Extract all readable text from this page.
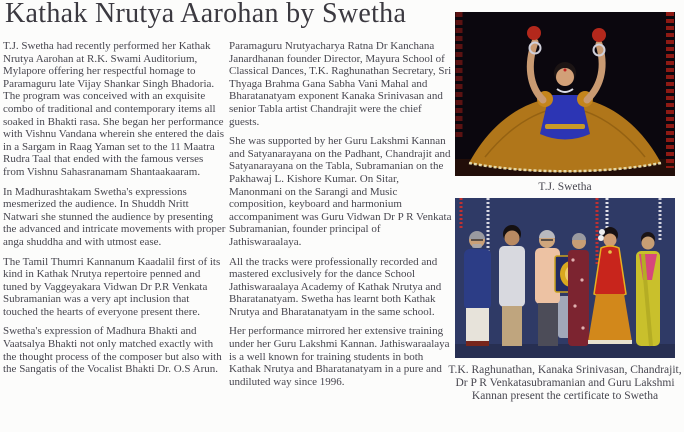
Kathak Nrutya Aarohan by Swetha

T.J. Swetha had recently performed her Kathak Nrutya Aarohan at R.K. Swami Auditorium, Mylapore offering her respectful homage to Paramaguru late Vijay Shankar Singh Bhadoria. The program was conceived with an exquisite combo of traditional and contemporary items all soaked in Bhakti rasa. She began her performance with Vishnu Vandana wherein she entered the dais in a Sargam in Raag Yaman set to the 11 Maatra Rudra Taal that ended with the famous verses from Vishnu Sahasranamam Shantaakaaram.

In Madhurashtakam Swetha's expressions mesmerized the audience. In Shuddh Nritt Natwari she stunned the audience by presenting the advanced and intricate movements with proper anga shuddha and with utmost ease.

The Tamil Thumri Kannanum Kaadalil first of its kind in Kathak Nrutya repertoire penned and tuned by Vaggeyakara Vidwan Dr P.R Venkata Subramanian was a very apt inclusion that touched the hearts of everyone present there.

Swetha's expression of Madhura Bhakti and Vaatsalya Bhakti not only matched exactly with the thought process of the composer but also with the Sangatis of the Vocalist Bhakti Dr. O.S Arun.

Paramaguru Nrutyacharya Ratna Dr Kanchana Janardhanan founder Director, Mayura School of Classical Dances, T.K. Raghunathan Secretary, Sri Thyaga Brahma Gana Sabha Vani Mahal and Bharatanatyam exponent Kanaka Srinivasan and senior Tabla artist Chandrajit were the chief guests.

She was supported by her Guru Lakshmi Kannan and Satyanarayana on the Padhant, Chandrajit and Satyanarayana on the Tabla, Subramanian on the Pakhawaj L. Kishore Kumar. On Sitar, Manonmani on the Sarangi and Music composition, keyboard and harmonium accompaniment was Guru Vidwan Dr P R Venkata Subramanian, founder principal of Jathiswaraalaya.

All the tracks were professionally recorded and mastered exclusively for the dance School Jathiswaraalaya Academy of Kathak Nrutya and Bharatanatyam. Swetha has learnt both Kathak Nrutya and Bharatanatyam in the same school.

Her performance mirrored her extensive training under her Guru Lakshmi Kannan. Jathiswaraalaya is a well known for training students in both Kathak Nrutya and Bharatanatyam in a pure and undiluted way since 1996.

T.J. Swetha
T.K. Raghunathan, Kanaka Srinivasan, Chandrajit, Dr P R Venkatasubramanian and Guru Lakshmi Kannan present the certificate to Swetha
